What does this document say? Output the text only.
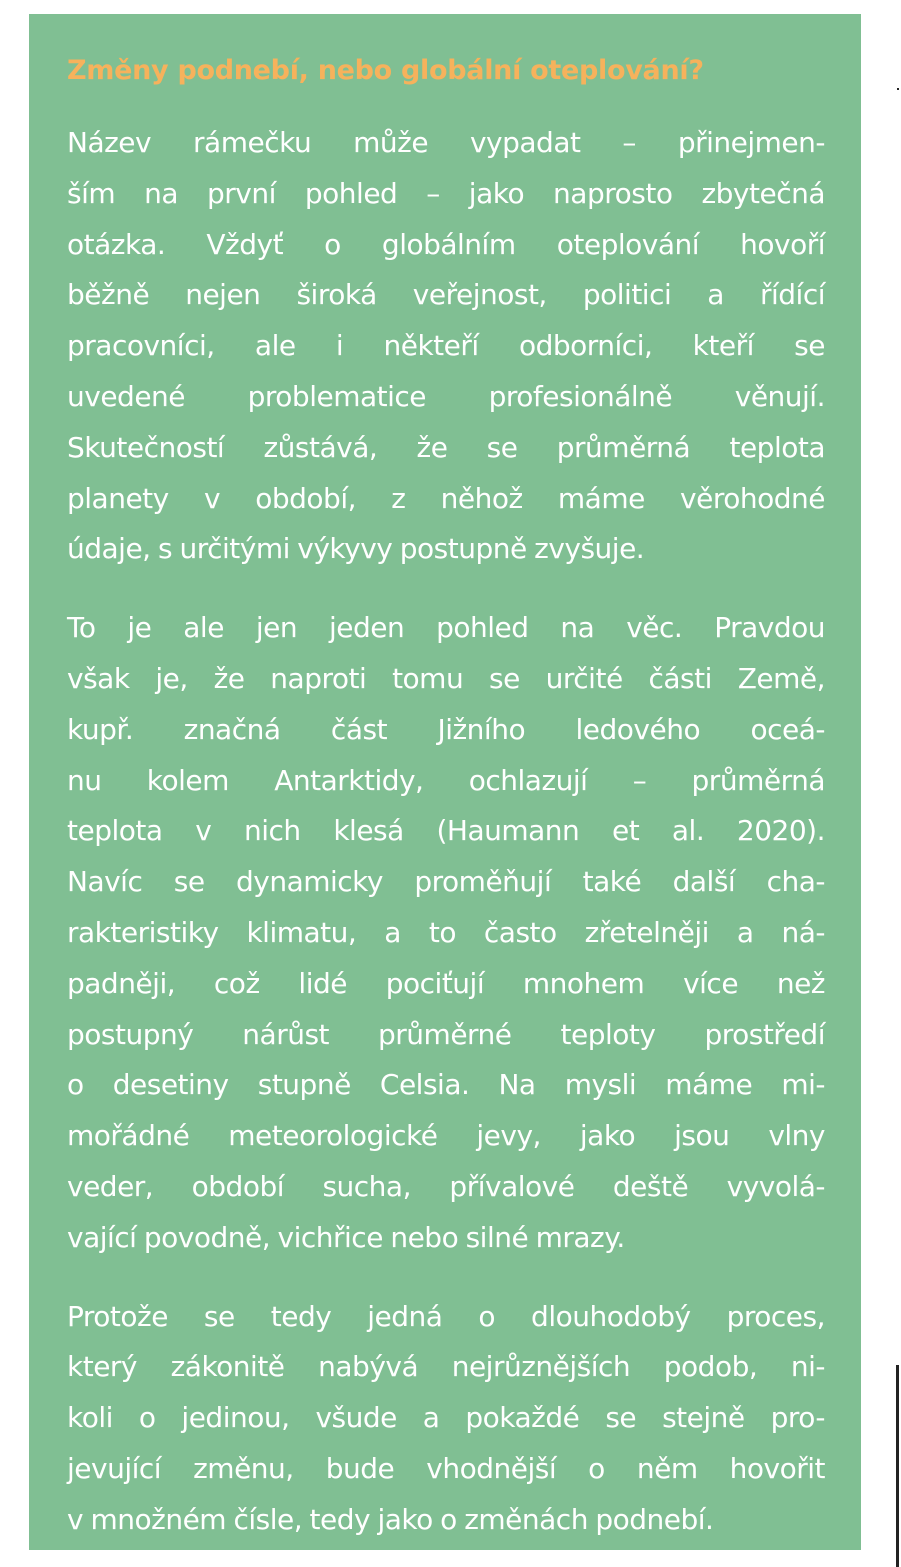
Změny podnebí, nebo globální oteplování?

Název rámečku může vypadat – přinejmen-
ším na první pohled – jako naprosto zbytečná
otázka. Vždyť o globálním oteplování hovoří
běžně nejen široká veřejnost, politici a řídící
pracovníci, ale i někteří odborníci, kteří se
uvedené problematice profesionálně věnují.
Skutečností zůstává, že se průměrná teplota
planety v období, z něhož máme věrohodné
údaje, s určitými výkyvy postupně zvyšuje.

To je ale jen jeden pohled na věc. Pravdou
však je, že naproti tomu se určité části Země,
kupř. značná část Jižního ledového oceá-
nu kolem Antarktidy, ochlazují – průměrná
teplota v nich klesá (Haumann et al. 2020).
Navíc se dynamicky proměňují také další cha-
rakteristiky klimatu, a to často zřetelněji a ná-
padněji, což lidé pociťují mnohem více než
postupný nárůst průměrné teploty prostředí
o desetiny stupně Celsia. Na mysli máme mi-
mořádné meteorologické jevy, jako jsou vlny
veder, období sucha, přívalové deště vyvolá-
vající povodně, vichřice nebo silné mrazy.

Protože se tedy jedná o dlouhodobý proces,
který zákonitě nabývá nejrůznějších podob, ni-
koli o jedinou, všude a pokaždé se stejně pro-
jevující změnu, bude vhodnější o něm hovořit
v množném čísle, tedy jako o změnách podnebí.
